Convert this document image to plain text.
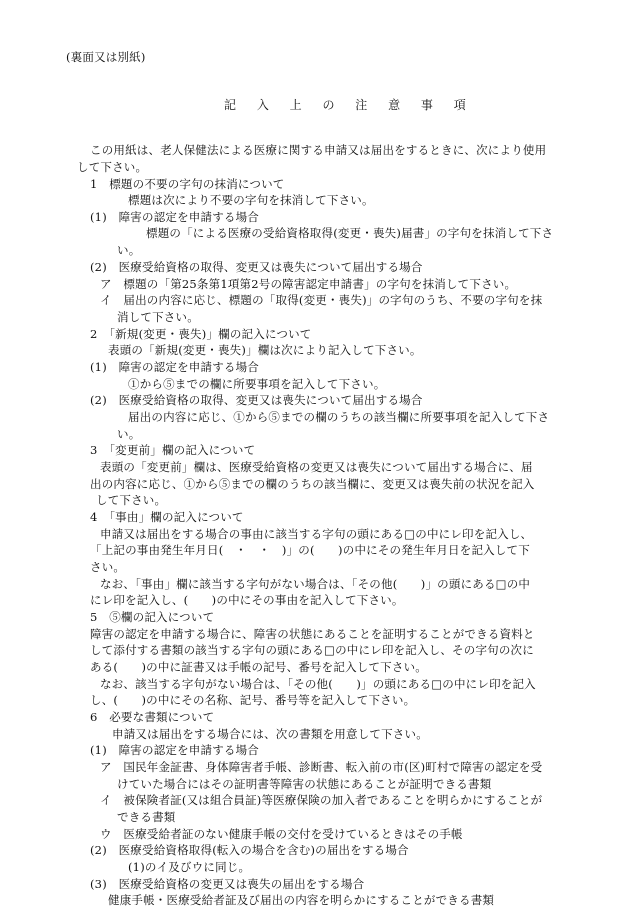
(裏面又は別紙)
記 入 上 の 注 意 事 項
この用紙は、老人保健法による医療に関する申請又は届出をするときに、次により使用
して下さい。
1　標題の不要の字句の抹消について
標題は次により不要の字句を抹消して下さい。
(1)　障害の認定を申請する場合
標題の「による医療の受給資格取得(変更・喪失)届書」の字句を抹消して下さ
い。
(2)　医療受給資格の取得、変更又は喪失について届出する場合
ア　標題の「第25条第1項第2号の障害認定申請書」の字句を抹消して下さい。
イ　届出の内容に応じ、標題の「取得(変更・喪失)」の字句のうち、不要の字句を抹
消して下さい。
2　「新規(変更・喪失)」欄の記入について
表頭の「新規(変更・喪失)」欄は次により記入して下さい。
(1)　障害の認定を申請する場合
①から⑤までの欄に所要事項を記入して下さい。
(2)　医療受給資格の取得、変更又は喪失について届出する場合
届出の内容に応じ、①から⑤までの欄のうちの該当欄に所要事項を記入して下さ
い。
3　「変更前」欄の記入について
表頭の「変更前」欄は、医療受給資格の変更又は喪失について届出する場合に、届
出の内容に応じ、①から⑤までの欄のうちの該当欄に、変更又は喪失前の状況を記入
して下さい。
4　「事由」欄の記入について
申請又は届出をする場合の事由に該当する字句の頭にある□の中にレ印を記入し、
「上記の事由発生年月日(　・　・　)」の(　　)の中にその発生年月日を記入して下
さい。
なお、「事由」欄に該当する字句がない場合は、「その他(　　)」の頭にある□の中
にレ印を記入し、(　　)の中にその事由を記入して下さい。
5　⑤欄の記入について
障害の認定を申請する場合に、障害の状態にあることを証明することができる資料と
して添付する書類の該当する字句の頭にある□の中にレ印を記入し、その字句の次に
ある(　　)の中に証書又は手帳の記号、番号を記入して下さい。
なお、該当する字句がない場合は、「その他(　　)」の頭にある□の中にレ印を記入
し、(　　)の中にその名称、記号、番号等を記入して下さい。
6　必要な書類について
申請又は届出をする場合には、次の書類を用意して下さい。
(1)　障害の認定を申請する場合
ア　国民年金証書、身体障害者手帳、診断書、転入前の市(区)町村で障害の認定を受
けていた場合にはその証明書等障害の状態にあることが証明できる書類
イ　被保険者証(又は組合員証)等医療保険の加入者であることを明らかにすることが
できる書類
ウ　医療受給者証のない健康手帳の交付を受けているときはその手帳
(2)　医療受給資格取得(転入の場合を含む)の届出をする場合
(1)のイ及びウに同じ。
(3)　医療受給資格の変更又は喪失の届出をする場合
健康手帳・医療受給者証及び届出の内容を明らかにすることができる書類
